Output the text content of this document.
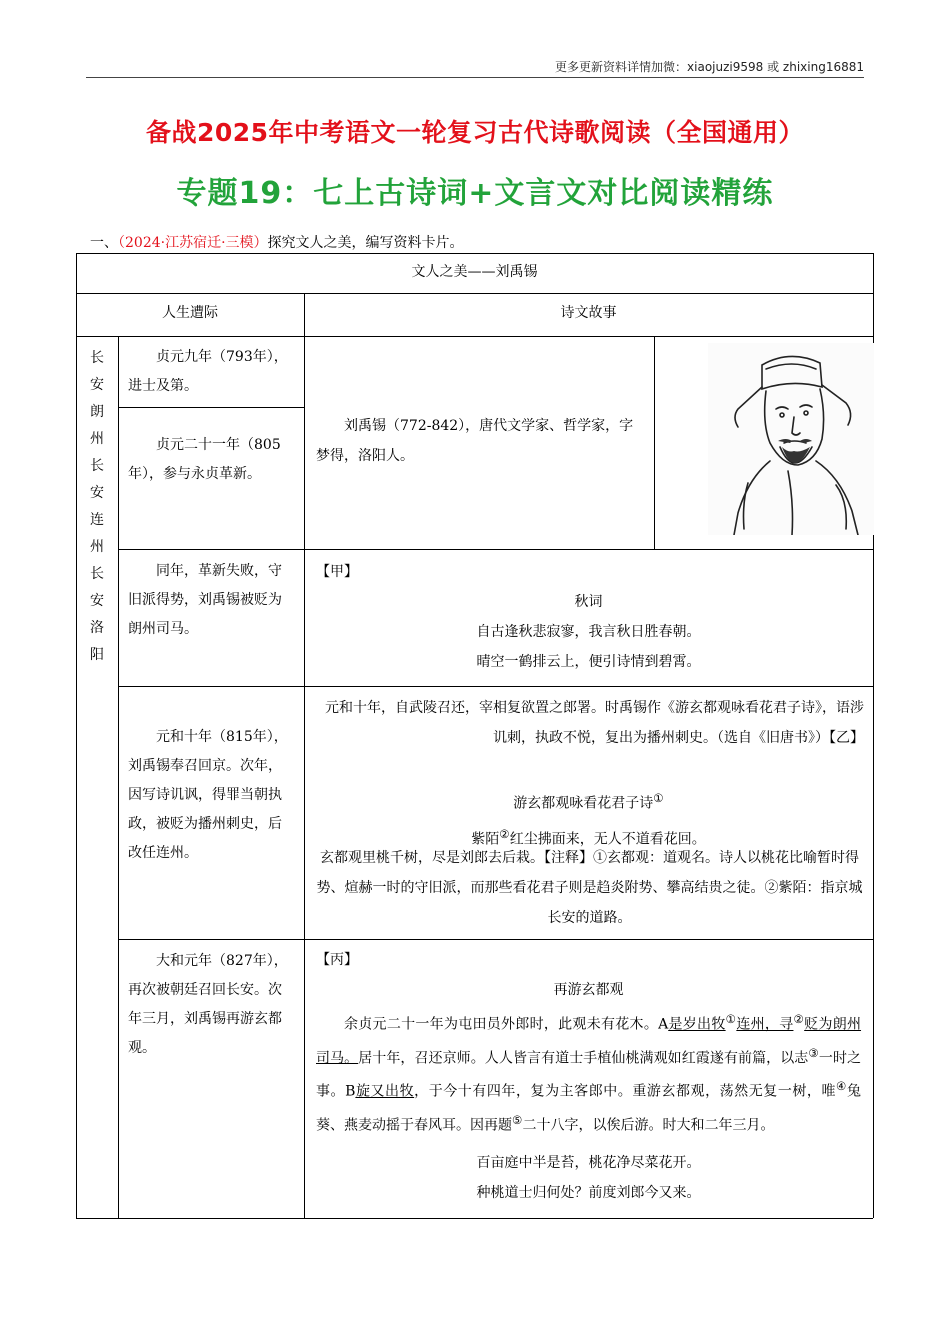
更多更新资料详情加微：xiaojuzi9598 或 zhixing16881
备战2025年中考语文一轮复习古代诗歌阅读（全国通用）
专题19：七上古诗词+文言文对比阅读精练
一、（2024·江苏宿迁·三模）探究文人之美，编写资料卡片。
文人之美——刘禹锡
人生遭际	诗文故事
长
安
朗
州
长
安
连
州
长
安
洛
阳
贞元九年（793年），进士及第。
贞元二十一年（805年），参与永贞革新。
同年，革新失败，守旧派得势，刘禹锡被贬为朗州司马。
元和十年（815年），刘禹锡奉召回京。次年，因写诗讥讽，得罪当朝执政，被贬为播州刺史，后改任连州。
大和元年（827年），再次被朝廷召回长安。次年三月，刘禹锡再游玄都观。
刘禹锡（772-842），唐代文学家、哲学家，字梦得，洛阳人。
【甲】
秋词
自古逢秋悲寂寥，我言秋日胜春朝。
晴空一鹤排云上，便引诗情到碧霄。
元和十年，自武陵召还，宰相复欲置之郎署。时禹锡作《游玄都观咏看花君子诗》，语涉讥刺，执政不悦，复出为播州刺史。（选自《旧唐书》）【乙】
游玄都观咏看花君子诗①
紫陌②红尘拂面来，无人不道看花回。
玄都观里桃千树，尽是刘郎去后栽。【注释】①玄都观：道观名。诗人以桃花比喻暂时得势、煊赫一时的守旧派，而那些看花君子则是趋炎附势、攀高结贵之徒。②紫陌：指京城长安的道路。
【丙】
再游玄都观
余贞元二十一年为屯田员外郎时，此观未有花木。A是岁出牧①连州，寻②贬为朗州司马。居十年，召还京师。人人皆言有道士手植仙桃满观如红霞遂有前篇，以志③一时之事。B旋又出牧，于今十有四年，复为主客郎中。重游玄都观，荡然无复一树，唯④兔葵、燕麦动摇于春风耳。因再题⑤二十八字，以俟后游。时大和二年三月。
百亩庭中半是苔，桃花净尽菜花开。
种桃道士归何处？前度刘郎今又来。
